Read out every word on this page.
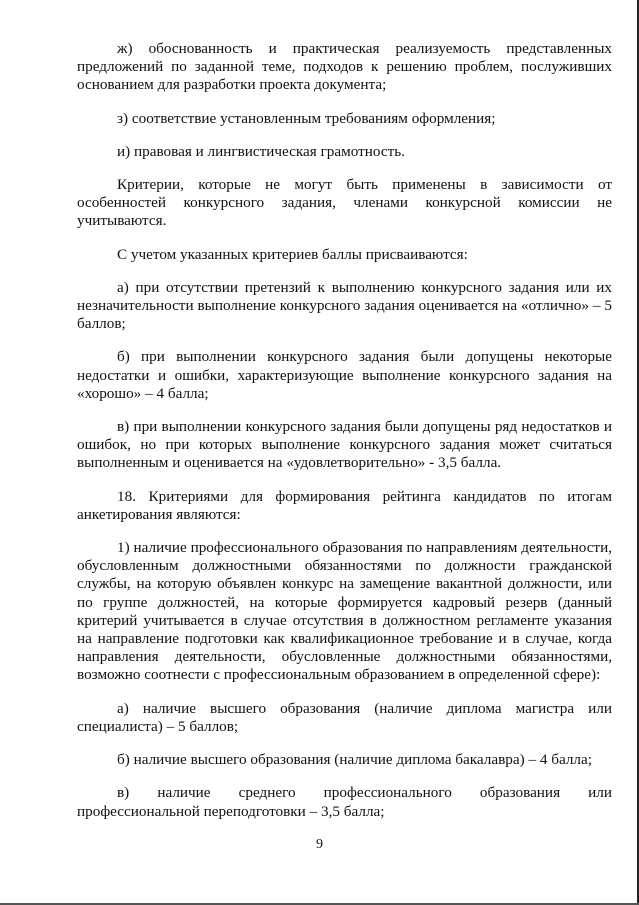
ж) обоснованность и практическая реализуемость представленных предложений по заданной теме, подходов к решению проблем, послуживших основанием для разработки проекта документа;

з) соответствие установленным требованиям оформления;

и) правовая и лингвистическая грамотность.

Критерии, которые не могут быть применены в зависимости от особенностей конкурсного задания, членами конкурсной комиссии не учитываются.

С учетом указанных критериев баллы присваиваются:

а) при отсутствии претензий к выполнению конкурсного задания или их незначительности выполнение конкурсного задания оценивается на «отлично» – 5 баллов;

б) при выполнении конкурсного задания были допущены некоторые недостатки и ошибки, характеризующие выполнение конкурсного задания на «хорошо» – 4 балла;

в) при выполнении конкурсного задания были допущены ряд недостатков и ошибок, но при которых выполнение конкурсного задания может считаться выполненным и оценивается на «удовлетворительно» - 3,5 балла.

18. Критериями для формирования рейтинга кандидатов по итогам анкетирования являются:

1) наличие профессионального образования по направлениям деятельности, обусловленным должностными обязанностями по должности гражданской службы, на которую объявлен конкурс на замещение вакантной должности, или по группе должностей, на которые формируется кадровый резерв (данный критерий учитывается в случае отсутствия в должностном регламенте указания на направление подготовки как квалификационное требование и в случае, когда направления деятельности, обусловленные должностными обязанностями, возможно соотнести с профессиональным образованием в определенной сфере):

а) наличие высшего образования (наличие диплома магистра или специалиста) – 5 баллов;

б) наличие высшего образования (наличие диплома бакалавра) – 4 балла;

в) наличие среднего профессионального образования или профессиональной переподготовки – 3,5 балла;

9
